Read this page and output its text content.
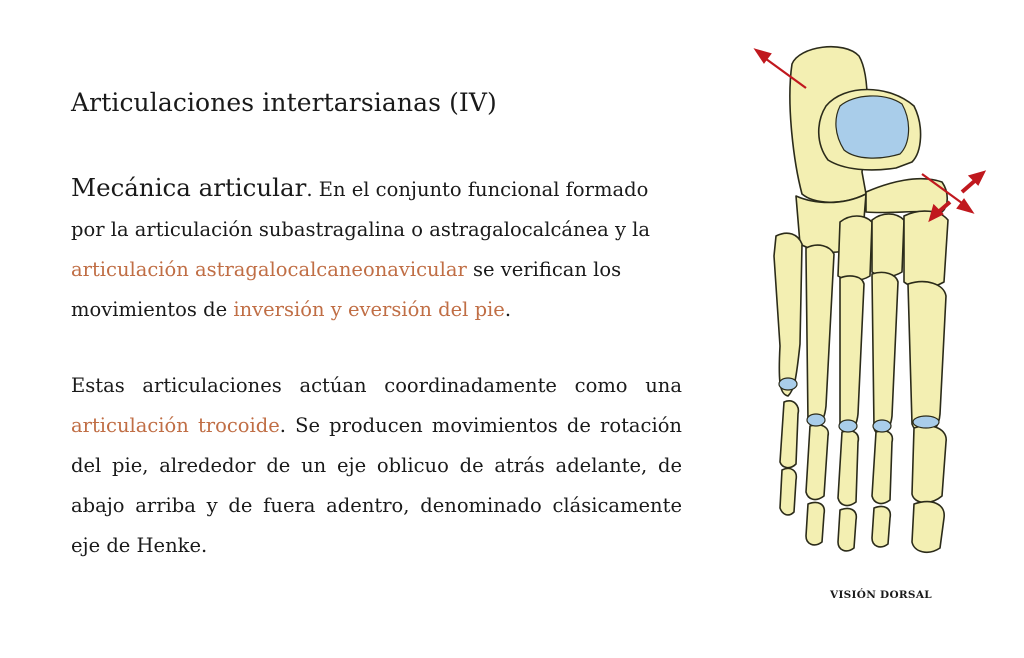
Articulaciones intertarsianas (IV)

Mecánica articular. En el conjunto funcional formado por la articulación subastragalina o astragalocalcánea y la articulación astragalocalcaneonavicular se verifican los movimientos de inversión y eversión del pie.

Estas articulaciones actúan coordinadamente como una articulación trocoide. Se producen movimientos de rotación del pie, alrededor de un eje oblicuo de atrás adelante, de abajo arriba y de fuera adentro, denominado clásicamente eje de Henke.

VISIÓN DORSAL
